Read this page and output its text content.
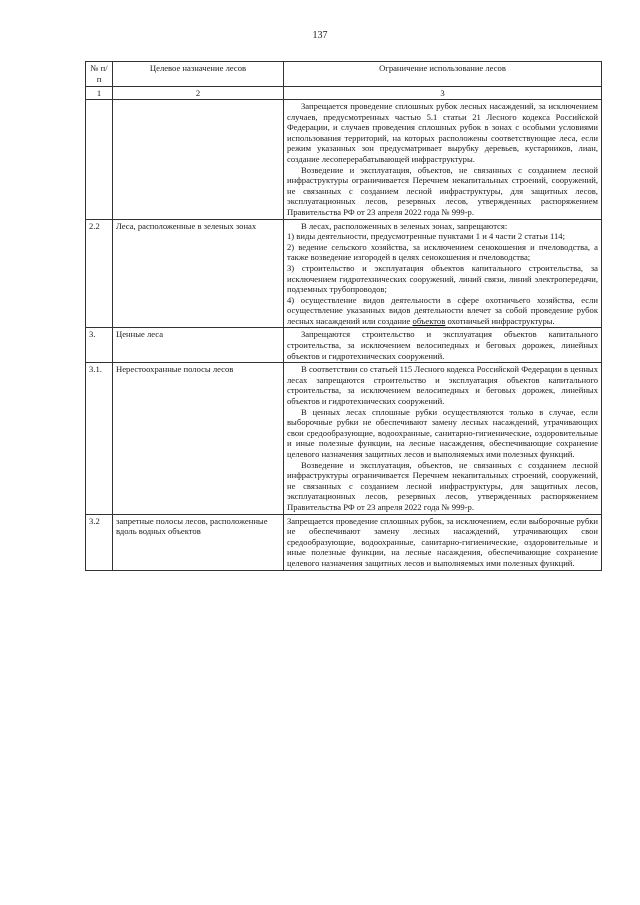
137
№ п/п	Целевое назначение лесов	Ограничение использование лесов
1	2	3

		Запрещается проведение сплошных рубок лесных насаждений, за исключением случаев, предусмотренных частью 5.1 статьи 21 Лесного кодекса Российской Федерации, и случаев проведения сплошных рубок в зонах с особыми условиями использования территорий, на которых расположены соответствующие леса, если режим указанных зон предусматривает вырубку деревьев, кустарников, лиан, создание лесоперерабатывающей инфраструктуры.

Возведение и эксплуатация, объектов, не связанных с созданием лесной инфраструктуры ограничивается Перечнем некапитальных строений, сооружений, не связанных с созданием лесной инфраструктуры, для защитных лесов, эксплуатационных лесов, резервных лесов, утвержденных распоряжением Правительства РФ от 23 апреля 2022 года № 999-р.

2.2	Леса, расположенные в зеленых зонах	В лесах, расположенных в зеленых зонах, запрещаются:

1) виды деятельности, предусмотренные пунктами 1 и 4 части 2 статьи 114;

2) ведение сельского хозяйства, за исключением сенокошения и пчеловодства, а также возведение изгородей в целях сенокошения и пчеловодства;

3) строительство и эксплуатация объектов капитального строительства, за исключением гидротехнических сооружений, линий связи, линий электропередачи, подземных трубопроводов;

4) осуществление видов деятельности в сфере охотничьего хозяйства, если осуществление указанных видов деятельности влечет за собой проведение рубок лесных насаждений или создание объектов охотничьей инфраструктуры.

3.	Ценные леса	Запрещаются строительство и эксплуатация объектов капитального строительства, за исключением велосипедных и беговых дорожек, линейных объектов и гидротехнических сооружений.

3.1.	Нерестоохранные полосы лесов	В соответствии со статьей 115 Лесного кодекса Российской Федерации в ценных лесах запрещаются строительство и эксплуатация объектов капитального строительства, за исключением велосипедных и беговых дорожек, линейных объектов и гидротехнических сооружений.

В ценных лесах сплошные рубки осуществляются только в случае, если выборочные рубки не обеспечивают замену лесных насаждений, утрачивающих свои средообразующие, водоохранные, санитарно-гигиенические, оздоровительные и иные полезные функции, на лесные насаждения, обеспечивающие сохранение целевого назначения защитных лесов и выполняемых ими полезных функций.

Возведение и эксплуатация, объектов, не связанных с созданием лесной инфраструктуры ограничивается Перечнем некапитальных строений, сооружений, не связанных с созданием лесной инфраструктуры, для защитных лесов, эксплуатационных лесов, резервных лесов, утвержденных распоряжением Правительства РФ от 23 апреля 2022 года № 999-р.

3.2	запретные полосы лесов, расположенные вдоль водных объектов	Запрещается проведение сплошных рубок, за исключением, если выборочные рубки не обеспечивают замену лесных насаждений, утрачивающих свои средообразующие, водоохранные, санитарно-гигиенические, оздоровительные и иные полезные функции, на лесные насаждения, обеспечивающие сохранение целевого назначения защитных лесов и выполняемых ими полезных функций.
